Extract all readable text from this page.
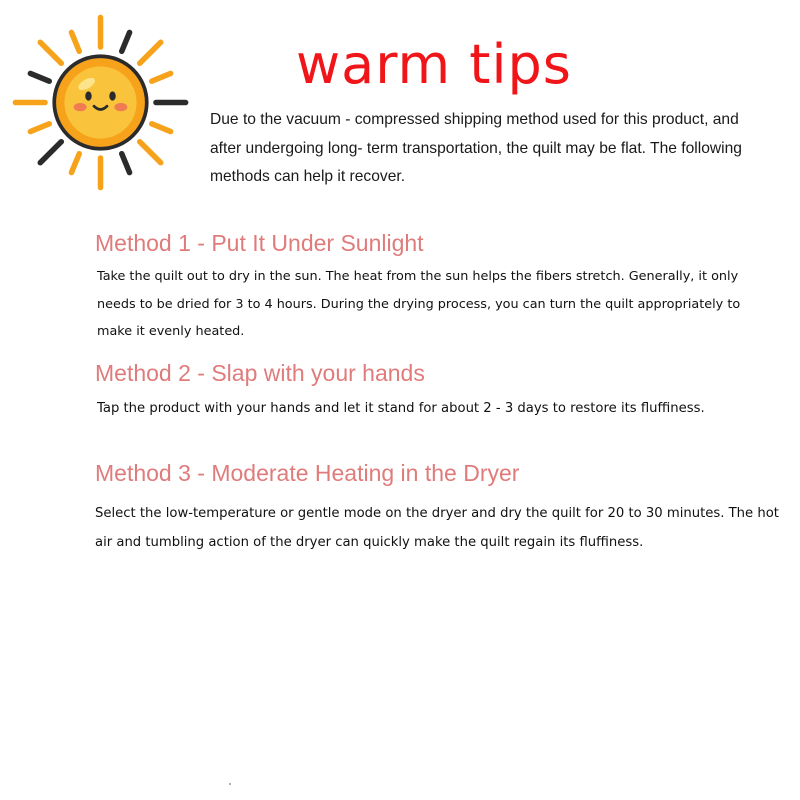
warm tips

Due to the vacuum - compressed shipping method used for this product, and after undergoing long- term transportation, the quilt may be flat. The following methods can help it recover.

Method 1 - Put It Under Sunlight

Take the quilt out to dry in the sun. The heat from the sun helps the fibers stretch. Generally, it only needs to be dried for 3 to 4 hours. During the drying process, you can turn the quilt appropriately to make it evenly heated.

Method 2 - Slap with your hands

Tap the product with your hands and let it stand for about 2 - 3 days to restore its fluffiness.

Method 3 - Moderate Heating in the Dryer

Select the low-temperature or gentle mode on the dryer and dry the quilt for 20 to 30 minutes. The hot air and tumbling action of the dryer can quickly make the quilt regain its fluffiness.
